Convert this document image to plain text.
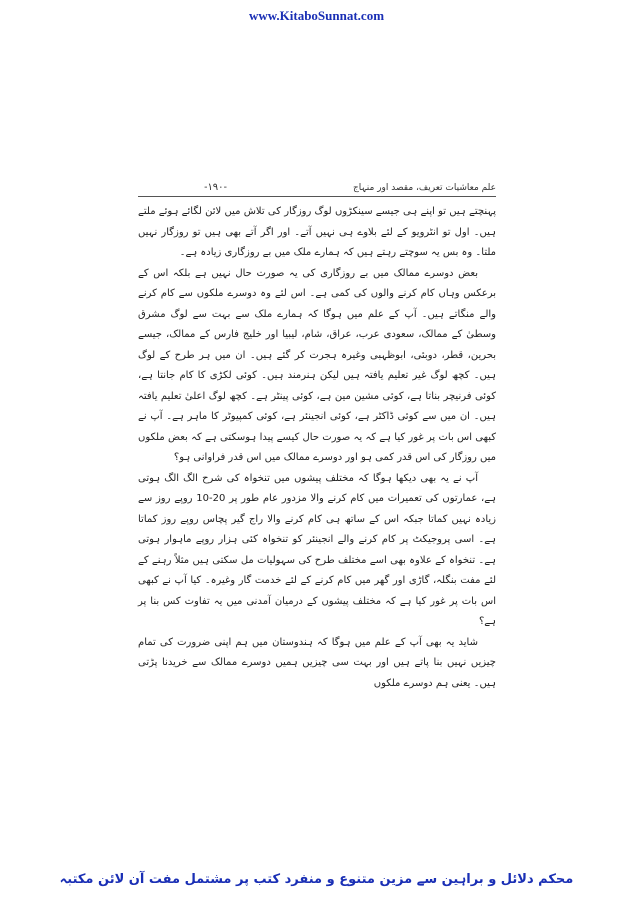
www.KitaboSunnat.com
علم معاشیات تعریف، مقصد اور منہاج
-۱۹۰-

پہنچتے ہیں تو اپنے ہی جیسے سینکڑوں لوگ روزگار کی تلاش میں لائن لگائے ہوئے ملتے ہیں۔ اول تو انٹرویو کے لئے بلاوے ہی نہیں آتے۔ اور اگر آتے بھی ہیں تو روزگار نہیں ملتا۔ وہ بس یہ سوچتے رہتے ہیں کہ ہمارے ملک میں بے روزگاری زیادہ ہے۔

بعض دوسرے ممالک میں بے روزگاری کی یہ صورت حال نہیں ہے بلکہ اس کے برعکس وہاں کام کرنے والوں کی کمی ہے۔ اس لئے وہ دوسرے ملکوں سے کام کرنے والے منگاتے ہیں۔ آپ کے علم میں ہوگا کہ ہمارے ملک سے بہت سے لوگ مشرق وسطیٰ کے ممالک، سعودی عرب، عراق، شام، لیبیا اور خلیج فارس کے ممالک، جیسے بحرین، قطر، دوبئی، ابوظہبی وغیرہ ہجرت کر گئے ہیں۔ ان میں ہر طرح کے لوگ ہیں۔ کچھ لوگ غیر تعلیم یافتہ ہیں لیکن ہنرمند ہیں۔ کوئی لکڑی کا کام جانتا ہے، کوئی فرنیچر بناتا ہے، کوئی مشین مین ہے، کوئی پینٹر ہے۔ کچھ لوگ اعلیٰ تعلیم یافتہ ہیں۔ ان میں سے کوئی ڈاکٹر ہے، کوئی انجینئر ہے، کوئی کمپیوٹر کا ماہر ہے۔ آپ نے کبھی اس بات پر غور کیا ہے کہ یہ صورت حال کیسے پیدا ہوسکتی ہے کہ بعض ملکوں میں روزگار کی اس قدر کمی ہو اور دوسرے ممالک میں اس قدر فراوانی ہو؟

آپ نے یہ بھی دیکھا ہوگا کہ مختلف پیشوں میں تنخواہ کی شرح الگ الگ ہوتی ہے، عمارتوں کی تعمیرات میں کام کرنے والا مزدور عام طور پر 20-10 روپے روز سے زیادہ نہیں کماتا جبکہ اس کے ساتھ ہی کام کرنے والا راج گیر پچاس روپے روز کماتا ہے۔ اسی پروجیکٹ پر کام کرنے والے انجینئر کو تنخواہ کئی ہزار روپے ماہوار ہوتی ہے۔ تنخواہ کے علاوہ بھی اسے مختلف طرح کی سہولیات مل سکتی ہیں مثلاً رہنے کے لئے مفت بنگلہ، گاڑی اور گھر میں کام کرنے کے لئے خدمت گار وغیرہ۔ کیا آپ نے کبھی اس بات پر غور کیا ہے کہ مختلف پیشوں کے درمیان آمدنی میں یہ تفاوت کس بنا پر ہے؟

شاید یہ بھی آپ کے علم میں ہوگا کہ ہندوستان میں ہم اپنی ضرورت کی تمام چیزیں نہیں بنا پاتے ہیں اور بہت سی چیزیں ہمیں دوسرے ممالک سے خریدنا پڑتی ہیں۔ یعنی ہم دوسرے ملکوں

محکم دلائل و براہین سے مزین متنوع و منفرد کتب پر مشتمل مفت آن لائن مکتبہ
